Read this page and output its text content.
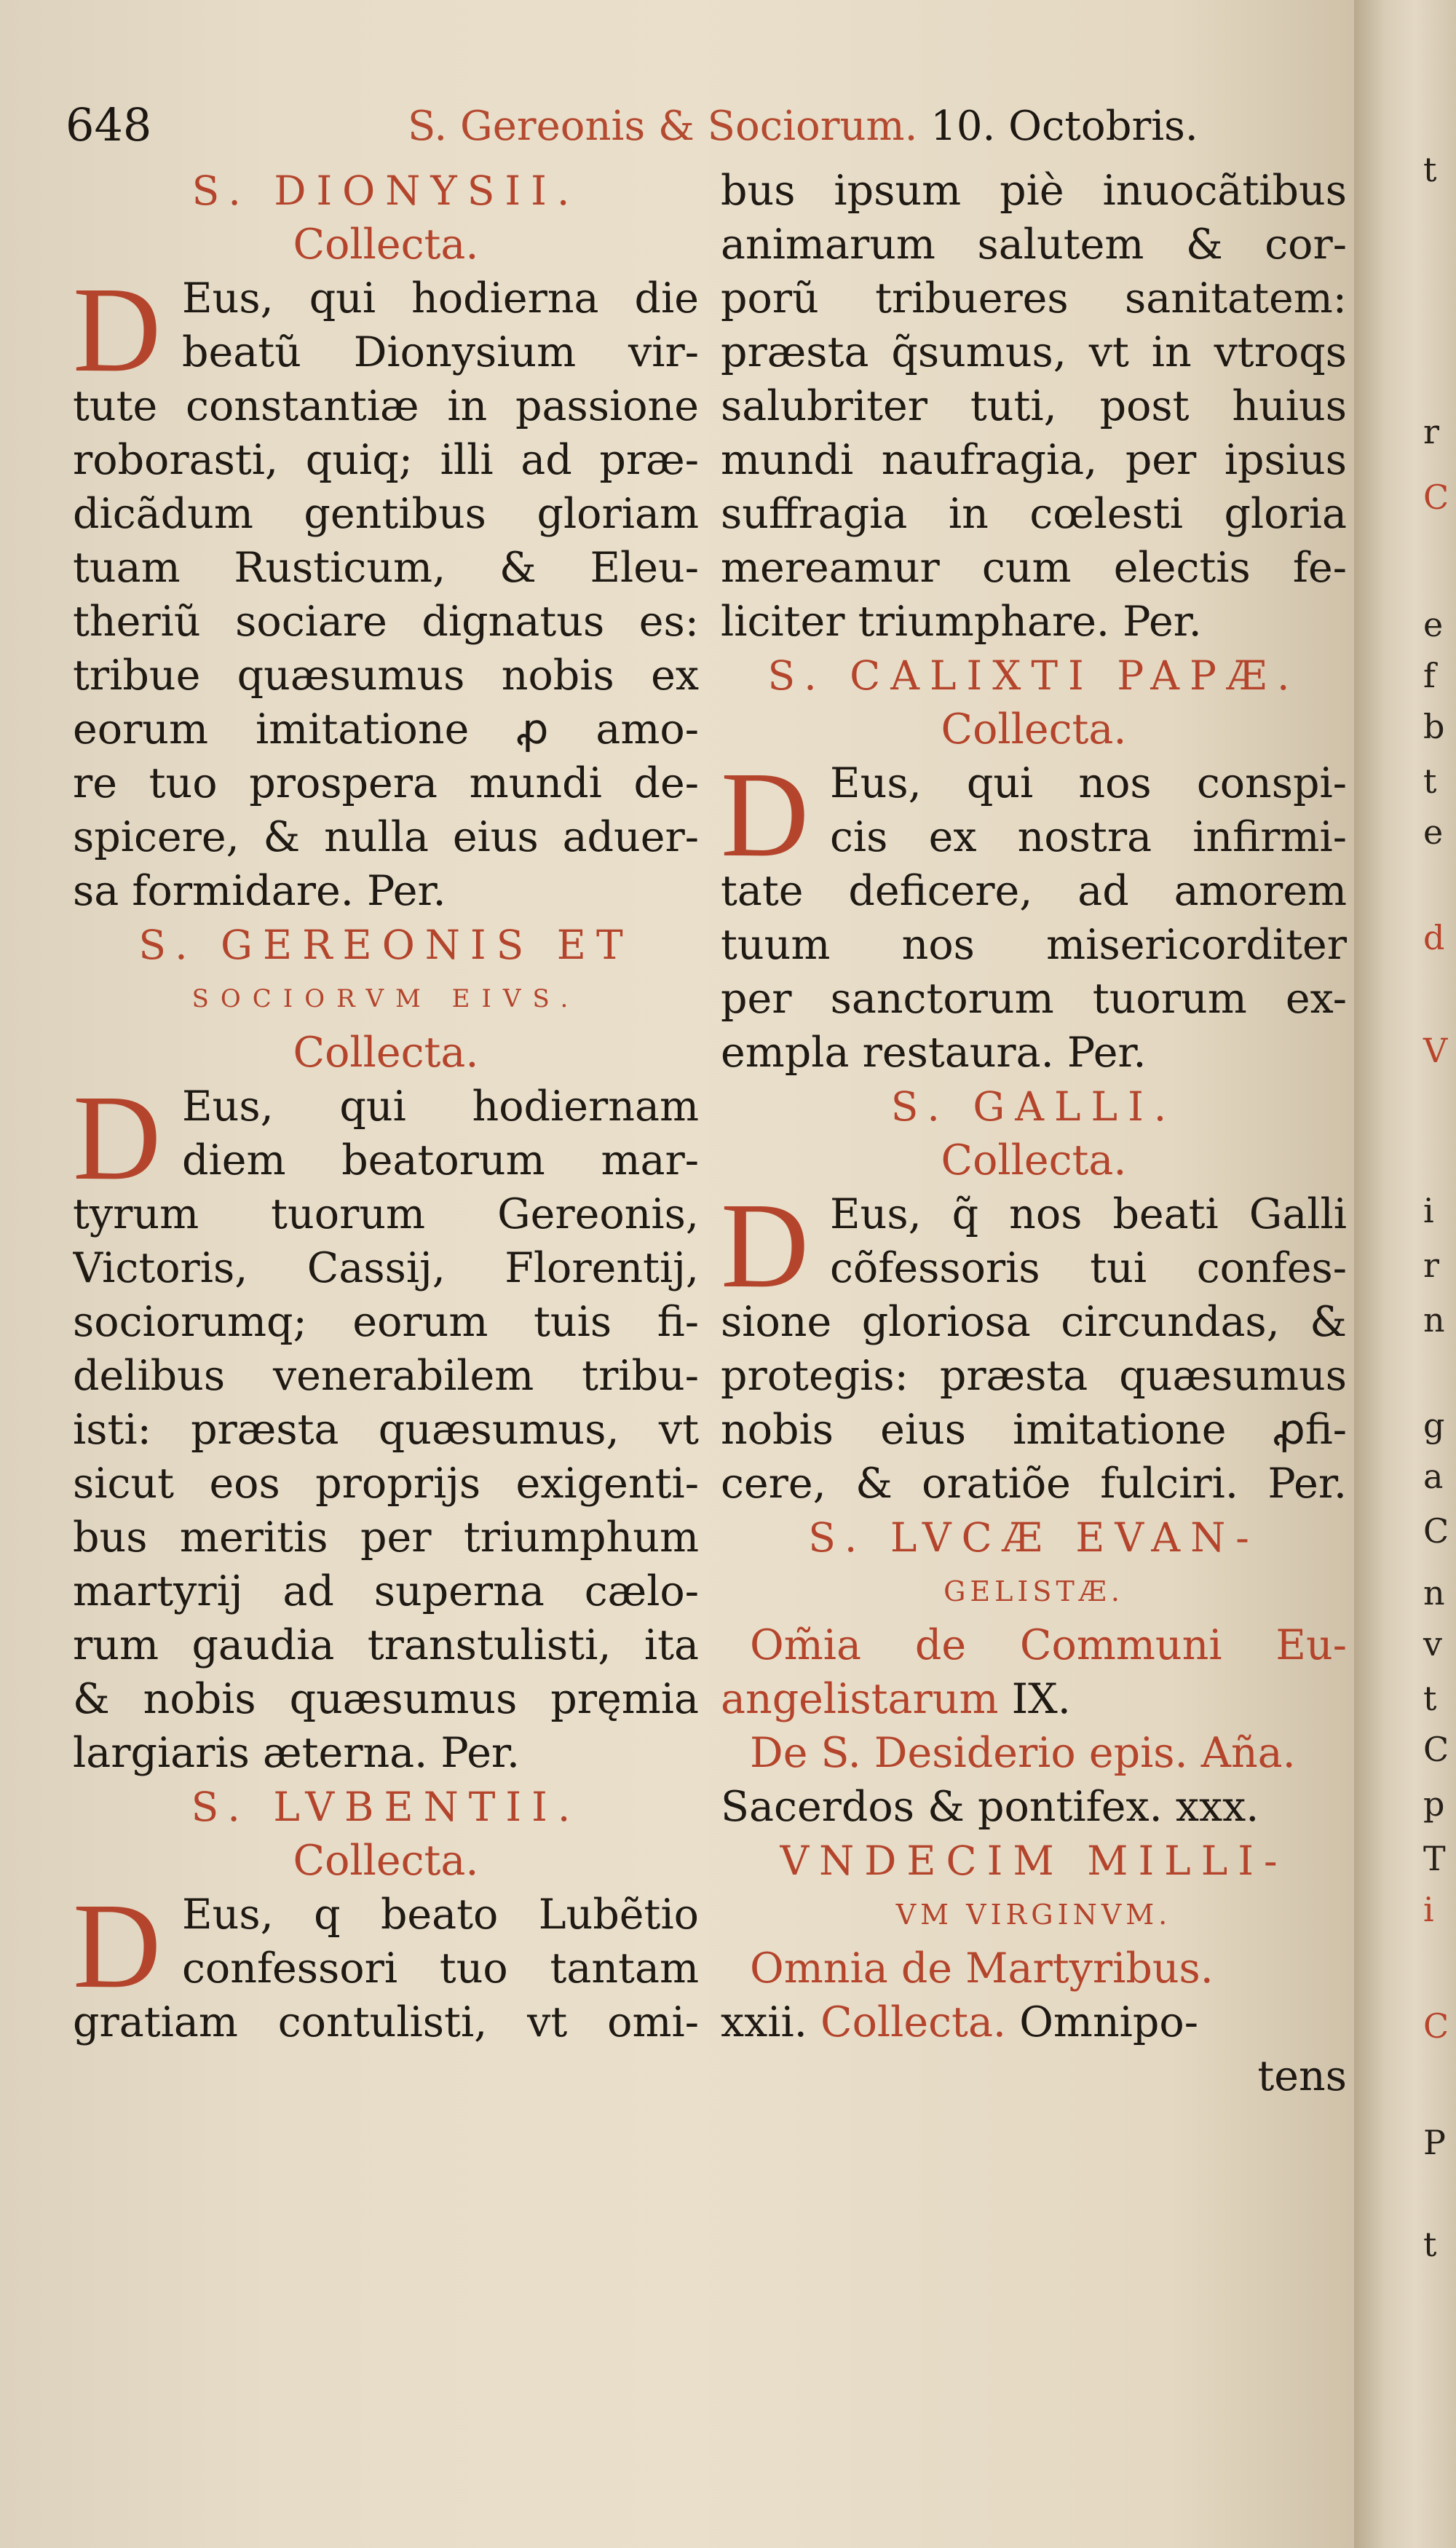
t
r
C
e
f
b
t
e
d
V
i
r
n
g
a
C
n
v
t
C
p
T
i
C
P
t
648	S. Gereonis & Sociorum. 10. Octobris.
S. DIONYSII.
Collecta.
D Eus, qui hodierna die
beatũ Dionysium vir-
tute constantiæ in passione
roborasti, quiq; illi ad præ-
dicãdum gentibus gloriam
tuam Rusticum, & Eleu-
theriũ sociare dignatus es:
tribue quæsumus nobis ex
eorum imitatione ꝓ amo-
re tuo prospera mundi de-
spicere, & nulla eius aduer-
sa formidare. Per.
S. GEREONIS ET
SOCIORVM EIVS.
Collecta.
D Eus, qui hodiernam
diem beatorum mar-
tyrum tuorum Gereonis,
Victoris, Cassij, Florentij,
sociorumq; eorum tuis fi-
delibus venerabilem tribu-
isti: præsta quæsumus, vt
sicut eos proprijs exigenti-
bus meritis per triumphum
martyrij ad superna cælo-
rum gaudia transtulisti, ita
& nobis quæsumus pręmia
largiaris æterna. Per.
S. LVBENTII.
Collecta.
D Eus, q beato Lubẽtio
confessori tuo tantam
gratiam contulisti, vt omi-
bus ipsum piè inuocãtibus
animarum salutem & cor-
porũ tribueres sanitatem:
præsta q̃sumus, vt in vtroqs
salubriter tuti, post huius
mundi naufragia, per ipsius
suffragia in cœlesti gloria
mereamur cum electis fe-
liciter triumphare. Per.
S. CALIXTI PAPÆ.
Collecta.
D Eus, qui nos conspi-
cis ex nostra infirmi-
tate deficere, ad amorem
tuum nos misericorditer
per sanctorum tuorum ex-
empla restaura. Per.
S. GALLI.
Collecta.
D Eus, q̃ nos beati Galli
cõfessoris tui confes-
sione gloriosa circundas, &
protegis: præsta quæsumus
nobis eius imitatione ꝓfi-
cere, & oratiõe fulciri. Per.
S. LVCÆ EVAN-
GELISTÆ.
Om̃ia de Communi Eu-
angelistarum IX.
De S. Desiderio epis. Aña.
Sacerdos & pontifex. xxx.
VNDECIM MILLI-
VM VIRGINVM.
Omnia de Martyribus.
xxii. Collecta. Omnipo-
tens
